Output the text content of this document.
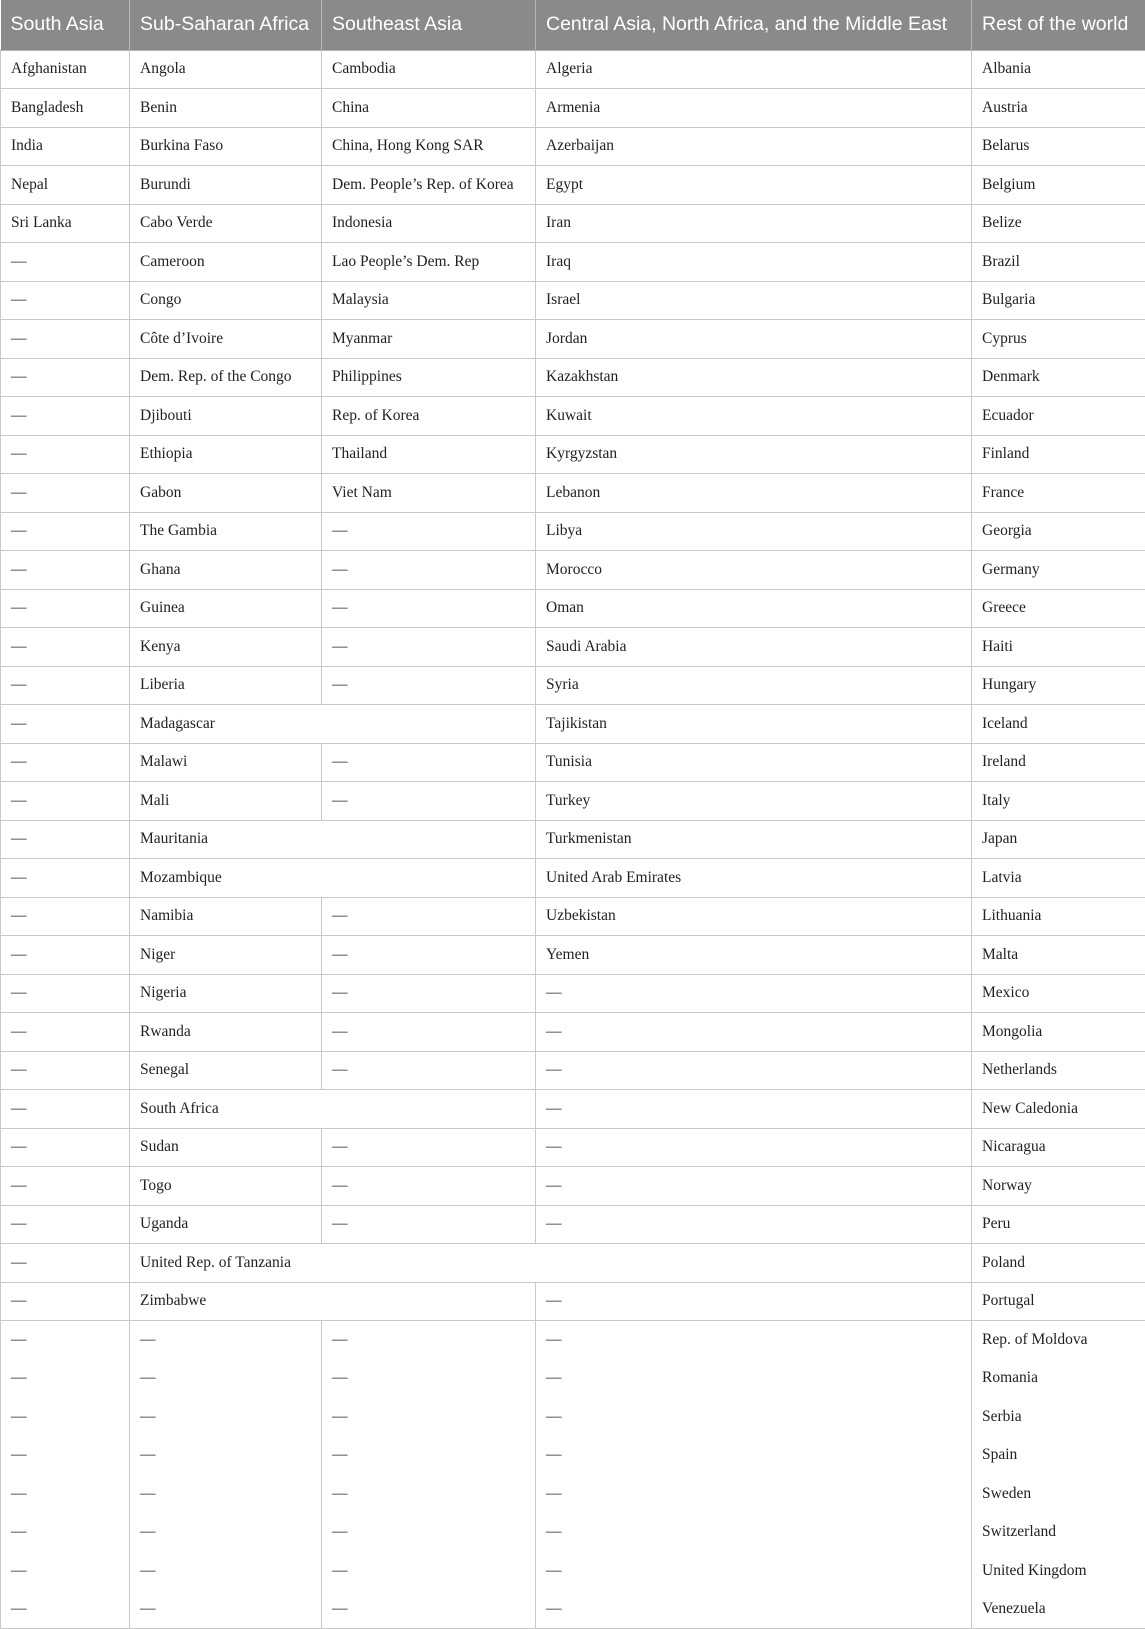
South Asia	Sub-Saharan Africa	Southeast Asia	Central Asia, North Africa, and the Middle East	Rest of the world
Afghanistan	Angola	Cambodia	Algeria	Albania
Bangladesh	Benin	China	Armenia	Austria
India	Burkina Faso	China, Hong Kong SAR	Azerbaijan	Belarus
Nepal	Burundi	Dem. People’s Rep. of Korea	Egypt	Belgium
Sri Lanka	Cabo Verde	Indonesia	Iran	Belize
—	Cameroon	Lao People’s Dem. Rep	Iraq	Brazil
—	Congo	Malaysia	Israel	Bulgaria
—	Côte d’Ivoire	Myanmar	Jordan	Cyprus
—	Dem. Rep. of the Congo	Philippines	Kazakhstan	Denmark
—	Djibouti	Rep. of Korea	Kuwait	Ecuador
—	Ethiopia	Thailand	Kyrgyzstan	Finland
—	Gabon	Viet Nam	Lebanon	France
—	The Gambia	—	Libya	Georgia
—	Ghana	—	Morocco	Germany
—	Guinea	—	Oman	Greece
—	Kenya	—	Saudi Arabia	Haiti
—	Liberia	—	Syria	Hungary
—	Madagascar		Tajikistan	Iceland
—	Malawi	—	Tunisia	Ireland
—	Mali	—	Turkey	Italy
—	Mauritania		Turkmenistan	Japan
—	Mozambique		United Arab Emirates	Latvia
—	Namibia	—	Uzbekistan	Lithuania
—	Niger	—	Yemen	Malta
—	Nigeria	—	—	Mexico
—	Rwanda	—	—	Mongolia
—	Senegal	—	—	Netherlands
—	South Africa		—	New Caledonia
—	Sudan	—	—	Nicaragua
—	Togo	—	—	Norway
—	Uganda	—	—	Peru
—	United Rep. of Tanzania			Poland
—	Zimbabwe		—	Portugal
—	—	—	—	Rep. of Moldova
—	—	—	—	Romania
—	—	—	—	Serbia
—	—	—	—	Spain
—	—	—	—	Sweden
—	—	—	—	Switzerland
—	—	—	—	United Kingdom
—	—	—	—	Venezuela
